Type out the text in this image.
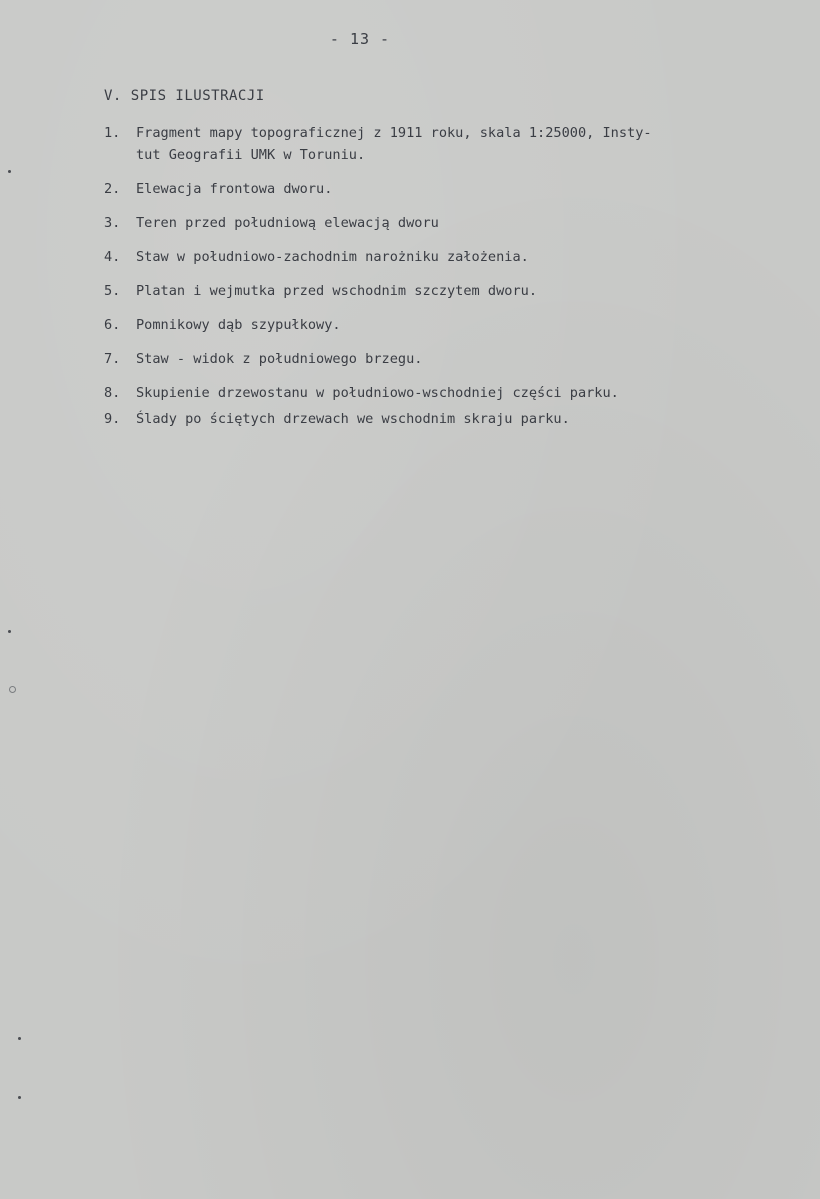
- 13 -
V. SPIS ILUSTRACJI
1.	Fragment mapy topograficznej z 1911 roku, skala 1:25000, Insty-
tut Geografii UMK w Toruniu.
2.	Elewacja frontowa dworu.
3.	Teren przed południową elewacją dworu
4.	Staw w południowo-zachodnim narożniku założenia.
5.	Platan i wejmutka przed wschodnim szczytem dworu.
6.	Pomnikowy dąb szypułkowy.
7.	Staw - widok z południowego brzegu.
8.	Skupienie drzewostanu w południowo-wschodniej części parku.
9.	Ślady po ściętych drzewach we wschodnim skraju parku.
